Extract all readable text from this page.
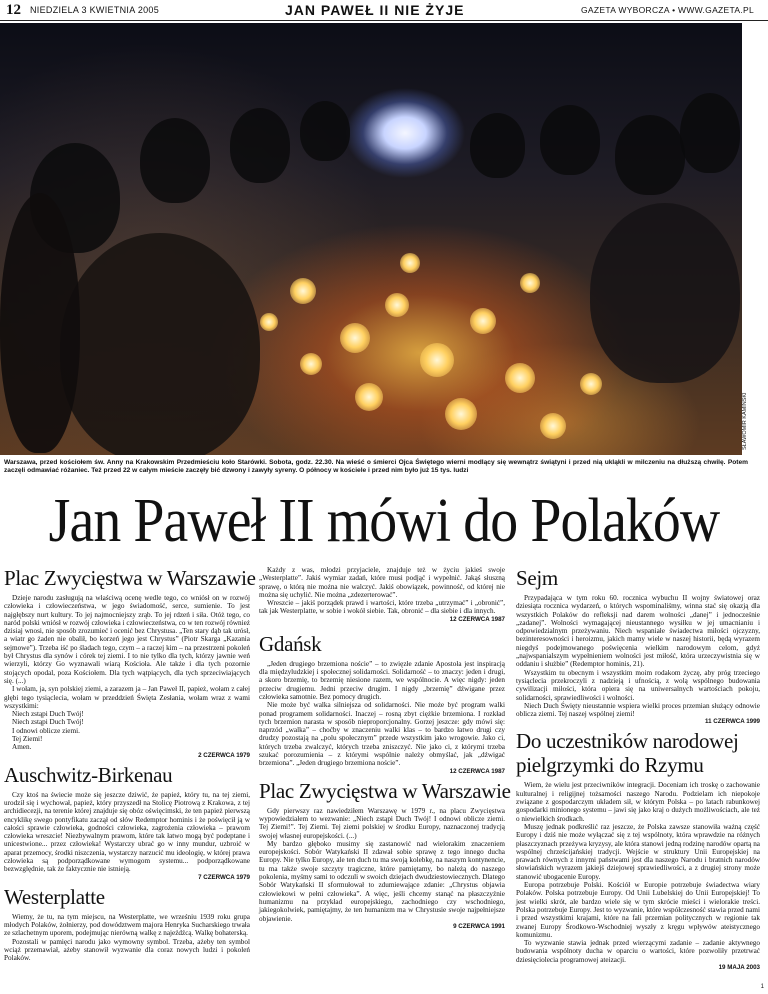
12 NIEDZIELA 3 KWIETNIA 2005	JAN PAWEŁ II NIE ŻYJE	GAZETA WYBORCZA • WWW.GAZETA.PL
SŁAWOMIR KAMIŃSKI
Warszawa, przed kościołem św. Anny na Krakowskim Przedmieściu koło Starówki. Sobota, godz. 22.30. Na wieść o śmierci Ojca Świętego wierni modlący się wewnątrz świątyni i przed nią ukląkli w milczeniu na dłuższą chwilę. Potem zaczęli odmawiać różaniec. Też przed 22 w całym mieście zaczęły bić dzwony i zawyły syreny. O północy w kościele i przed nim było już 15 tys. ludzi
Jan Paweł II mówi do Polaków
Plac Zwycięstwa w Warszawie

Dzieje narodu zasługują na właściwą ocenę wedle tego, co wniósł on w rozwój człowieka i człowieczeństwa, w jego świadomość, serce, sumienie. To jest najgłębszy nurt kultury. To jej najmocniejszy zrąb. To jej rdzeń i siła. Otóż tego, co naród polski wniósł w rozwój człowieka i człowieczeństwa, co w ten rozwój również dzisiaj wnosi, nie sposób zrozumieć i ocenić bez Chrystusa. „Ten stary dąb tak urósł, a wiatr go żaden nie obalił, bo korzeń jego jest Chrystus” (Piotr Skarga „Kazania sejmowe”). Trzeba iść po śladach tego, czym – a raczej kim – na przestrzeni pokoleń był Chrystus dla synów i córek tej ziemi. I to nie tylko dla tych, którzy jawnie weń wierzyli, którzy Go wyznawali wiarą Kościoła. Ale także i dla tych pozornie stojących opodal, poza Kościołem. Dla tych wątpiących, dla tych sprzeciwiających się. (...)

I wołam, ja, syn polskiej ziemi, a zarazem ja – Jan Paweł II, papież, wołam z całej głębi tego tysiąclecia, wołam w przeddzień Święta Zesłania, wołam wraz z wami wszystkimi:

Niech zstąpi Duch Twój!

Niech zstąpi Duch Twój!

I odnowi oblicze ziemi.

Tej Ziemi!

Amen.

2 CZERWCA 1979

Auschwitz-Birkenau

Czy ktoś na świecie może się jeszcze dziwić, że papież, który tu, na tej ziemi, urodził się i wychował, papież, który przyszedł na Stolicę Piotrową z Krakowa, z tej archidiecezji, na terenie której znajduje się obóz oświęcimski, że ten papież pierwszą encyklikę swego pontyfikatu zaczął od słów Redemptor hominis i że poświęcił ją w całości sprawie człowieka, godności człowieka, zagrożenia człowieka – prawom człowieka wreszcie! Niezbywalnym prawom, które tak łatwo mogą być podeptane i unicestwione... przez człowieka! Wystarczy ubrać go w inny mundur, uzbroić w aparat przemocy, środki niszczenia, wystarczy narzucić mu ideologię, w której prawa człowieka są podporządkowane wymogom systemu... podporządkowane bezwzględnie, tak że faktycznie nie istnieją.

7 CZERWCA 1979

Westerplatte

Wiemy, że tu, na tym miejscu, na Westerplatte, we wrześniu 1939 roku grupa młodych Polaków, żołnierzy, pod dowództwem majora Henryka Sucharskiego trwała ze szlachetnym uporem, podejmując nierówną walkę z najeźdźcą. Walkę bohaterską.

Pozostali w pamięci narodu jako wymowny symbol. Trzeba, ażeby ten symbol wciąż przemawiał, ażeby stanowił wyzwanie dla coraz nowych ludzi i pokoleń Polaków.

Każdy z was, młodzi przyjaciele, znajduje też w życiu jakieś swoje „Westerplatte”. Jakiś wymiar zadań, które musi podjąć i wypełnić. Jakąś słuszną sprawę, o którą nie można nie walczyć. Jakiś obowiązek, powinność, od której nie można się uchylić. Nie można „zdezerterować”.

Wreszcie – jakiś porządek prawd i wartości, które trzeba „utrzymać” i „obronić”, tak jak Westerplatte, w sobie i wokół siebie. Tak, obronić – dla siebie i dla innych.

12 CZERWCA 1987

Gdańsk

„Jeden drugiego brzemiona noście” – to zwięzłe zdanie Apostoła jest inspiracją dla międzyludzkiej i społecznej solidarności. Solidarność – to znaczy: jeden i drugi, a skoro brzemię, to brzemię niesione razem, we wspólnocie. A więc nigdy: jeden przeciw drugiemu. Jedni przeciw drugim. I nigdy „brzemię” dźwigane przez człowieka samotnie. Bez pomocy drugich.

Nie może być walka silniejsza od solidarności. Nie może być program walki ponad programem solidarności. Inaczej – rosną zbyt ciężkie brzemiona. I rozkład tych brzemion narasta w sposób nieproporcjonalny. Gorzej jeszcze: gdy mówi się: naprzód „walka” – choćby w znaczeniu walki klas – to bardzo łatwo drugi czy drudzy pozostają na „polu społecznym” przede wszystkim jako wrogowie. Jako ci, których trzeba zwalczyć, których trzeba zniszczyć. Nie jako ci, z którymi trzeba szukać porozumienia – z którymi wspólnie należy obmyślać, jak „dźwigać brzemiona”. „Jeden drugiego brzemiona noście”.

12 CZERWCA 1987

Plac Zwycięstwa w Warszawie

Gdy pierwszy raz nawiedziłem Warszawę w 1979 r., na placu Zwycięstwa wypowiedziałem to wezwanie: „Niech zstąpi Duch Twój! I odnowi oblicze ziemi. Tej Ziemi!”. Tej Ziemi. Tej ziemi polskiej w środku Europy, naznaczonej tradycją swojej własnej europejskości. (...)

My bardzo głęboko musimy się zastanowić nad wielorakim znaczeniem europejskości. Sobór Watykański II zdawał sobie sprawę z tego innego ducha Europy. Nie tylko Europy, ale ten duch tu ma swoją kolebkę, na naszym kontynencie, tu ma także swoje szczyty tragiczne, które pamiętamy, bo należą do naszego pokolenia, myśmy sami to odczuli w swoich dziejach dwudziestowiecznych. Dlatego Sobór Watykański II sformułował to zdumiewające zdanie: „Chrystus objawia człowiekowi w pełni człowieka”. A więc, jeśli chcemy stanąć na płaszczyźnie humanizmu na przykład europejskiego, zachodniego czy wschodniego, jakiegokolwiek, pamiętajmy, że ten humanizm ma w Chrystusie swoje najpełniejsze objawienie.

9 CZERWCA 1991

Sejm

Przypadająca w tym roku 60. rocznica wybuchu II wojny światowej oraz dziesiąta rocznica wydarzeń, o których wspominaliśmy, winna stać się okazją dla wszystkich Polaków do refleksji nad darem wolności „danej” i jednocześnie „zadanej”. Wolności wymagającej nieustannego wysiłku w jej umacnianiu i odpowiedzialnym przeżywaniu. Niech wspaniałe świadectwa miłości ojczyzny, bezinteresowności i heroizmu, jakich mamy wiele w naszej historii, będą wyrazem niegdyś podejmowanego poświęcenia wielkim narodowym celom, gdyż „najwspanialszym wypełnieniem wolności jest miłość, która urzeczywistnia się w oddaniu i służbie” (Redemptor hominis, 21).

Wszystkim tu obecnym i wszystkim moim rodakom życzę, aby próg trzeciego tysiąclecia przekroczyli z nadzieją i ufnością, z wolą wspólnego budowania cywilizacji miłości, która opiera się na uniwersalnych wartościach pokoju, solidarności, sprawiedliwości i wolności.

Niech Duch Święty nieustannie wspiera wielki proces przemian służący odnowie oblicza ziemi. Tej naszej wspólnej ziemi!

11 CZERWCA 1999

Do uczestników narodowej pielgrzymki do Rzymu

Wiem, że wielu jest przeciwników integracji. Doceniam ich troskę o zachowanie kulturalnej i religijnej tożsamości naszego Narodu. Podzielam ich niepokoje związane z gospodarczym układem sił, w którym Polska – po latach rabunkowej gospodarki minionego systemu – jawi się jako kraj o dużych możliwościach, ale też o niewielkich środkach.

Muszę jednak podkreślić raz jeszcze, że Polska zawsze stanowiła ważną część Europy i dziś nie może wyłączać się z tej wspólnoty, która wprawdzie na różnych płaszczyznach przeżywa kryzysy, ale która stanowi jedną rodzinę narodów opartą na wspólnej chrześcijańskiej tradycji. Wejście w struktury Unii Europejskiej na prawach równych z innymi państwami jest dla naszego Narodu i bratnich narodów słowiańskich wyrazem jakiejś dziejowej sprawiedliwości, a z drugiej strony może stanowić ubogacenie Europy.

Europa potrzebuje Polski. Kościół w Europie potrzebuje świadectwa wiary Polaków. Polska potrzebuje Europy. Od Unii Lubelskiej do Unii Europejskiej! To jest wielki skrót, ale bardzo wiele się w tym skrócie mieści i wielorakie treści. Polska potrzebuje Europy. Jest to wyzwanie, które współczesność stawia przed nami i przed wszystkimi krajami, które na fali przemian politycznych w regionie tak zwanej Europy Środkowo-Wschodniej wyszły z kręgu wpływów ateistycznego komunizmu.

To wyzwanie stawia jednak przed wierzącymi zadanie – zadanie aktywnego budowania wspólnoty ducha w oparciu o wartości, które pozwoliły przetrwać dziesięcioleciа programowej ateizacji.

19 MAJA 2003

1
